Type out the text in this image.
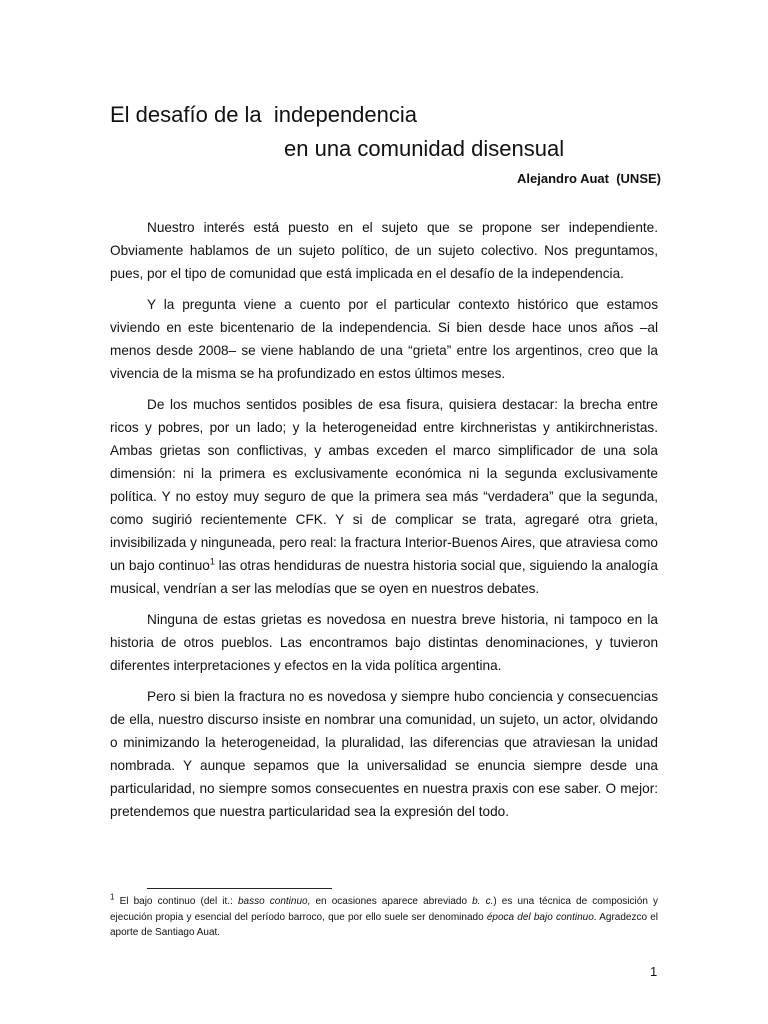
El desafío de la  independencia
en una comunidad disensual
Alejandro Auat  (UNSE)

Nuestro interés está puesto en el sujeto que se propone ser independiente. Obviamente hablamos de un sujeto político, de un sujeto colectivo. Nos preguntamos, pues, por el tipo de comunidad que está implicada en el desafío de la independencia.

Y la pregunta viene a cuento por el particular contexto histórico que estamos viviendo en este bicentenario de la independencia. Si bien desde hace unos años –al menos desde 2008– se viene hablando de una “grieta” entre los argentinos, creo que la vivencia de la misma se ha profundizado en estos últimos meses.

De los muchos sentidos posibles de esa fisura, quisiera destacar: la brecha entre ricos y pobres, por un lado; y la heterogeneidad entre kirchneristas y antikirchneristas. Ambas grietas son conflictivas, y ambas exceden el marco simplificador de una sola dimensión: ni la primera es exclusivamente económica ni la segunda exclusivamente política. Y no estoy muy seguro de que la primera sea más “verdadera” que la segunda, como sugirió recientemente CFK. Y si de complicar se trata, agregaré otra grieta, invisibilizada y ninguneada, pero real: la fractura Interior-Buenos Aires, que atraviesa como un bajo continuo$^1$ las otras hendiduras de nuestra historia social que, siguiendo la analogía musical, vendrían a ser las melodías que se oyen en nuestros debates.

Ninguna de estas grietas es novedosa en nuestra breve historia, ni tampoco en la historia de otros pueblos. Las encontramos bajo distintas denominaciones, y tuvieron diferentes interpretaciones y efectos en la vida política argentina.

Pero si bien la fractura no es novedosa y siempre hubo conciencia y consecuencias de ella, nuestro discurso insiste en nombrar una comunidad, un sujeto, un actor, olvidando o minimizando la heterogeneidad, la pluralidad, las diferencias que atraviesan la unidad nombrada. Y aunque sepamos que la universalidad se enuncia siempre desde una particularidad, no siempre somos consecuentes en nuestra praxis con ese saber. O mejor: pretendemos que nuestra particularidad sea la expresión del todo.

$^1$ El bajo continuo (del it.: basso continuo, en ocasiones aparece abreviado b. c.) es una técnica de composición y ejecución propia y esencial del período barroco, que por ello suele ser denominado época del bajo continuo. Agradezco el aporte de Santiago Auat.
1
